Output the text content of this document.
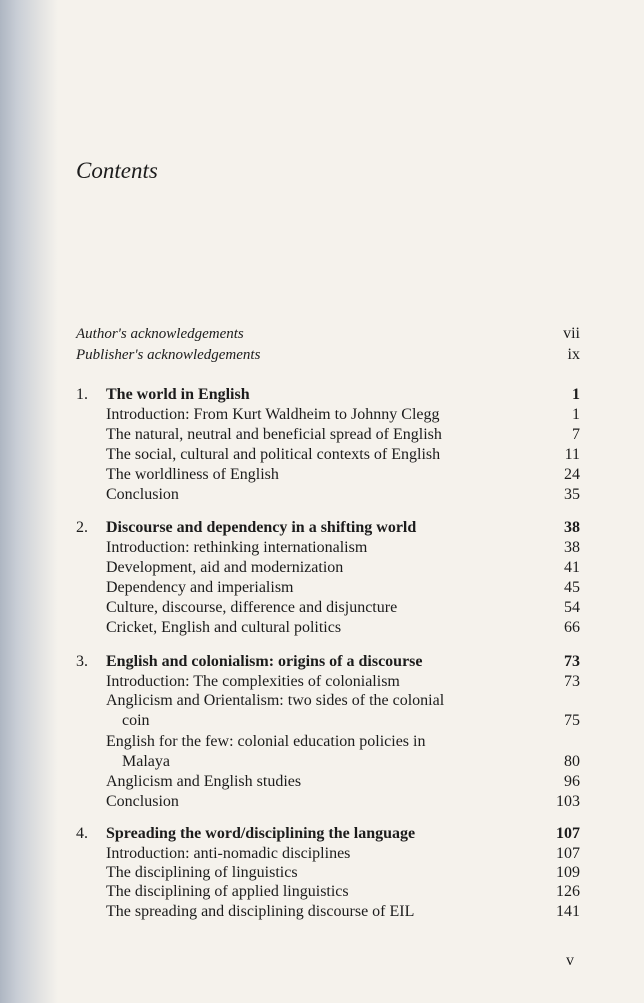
Contents
Author's acknowledgements	vii
Publisher's acknowledgements	ix
1. The world in English	1
Introduction: From Kurt Waldheim to Johnny Clegg	1
The natural, neutral and beneficial spread of English	7
The social, cultural and political contexts of English	11
The worldliness of English	24
Conclusion	35
2. Discourse and dependency in a shifting world	38
Introduction: rethinking internationalism	38
Development, aid and modernization	41
Dependency and imperialism	45
Culture, discourse, difference and disjuncture	54
Cricket, English and cultural politics	66
3. English and colonialism: origins of a discourse	73
Introduction: The complexities of colonialism	73
Anglicism and Orientalism: two sides of the colonial
coin	75
English for the few: colonial education policies in
Malaya	80
Anglicism and English studies	96
Conclusion	103
4. Spreading the word/disciplining the language	107
Introduction: anti-nomadic disciplines	107
The disciplining of linguistics	109
The disciplining of applied linguistics	126
The spreading and disciplining discourse of EIL	141
v
